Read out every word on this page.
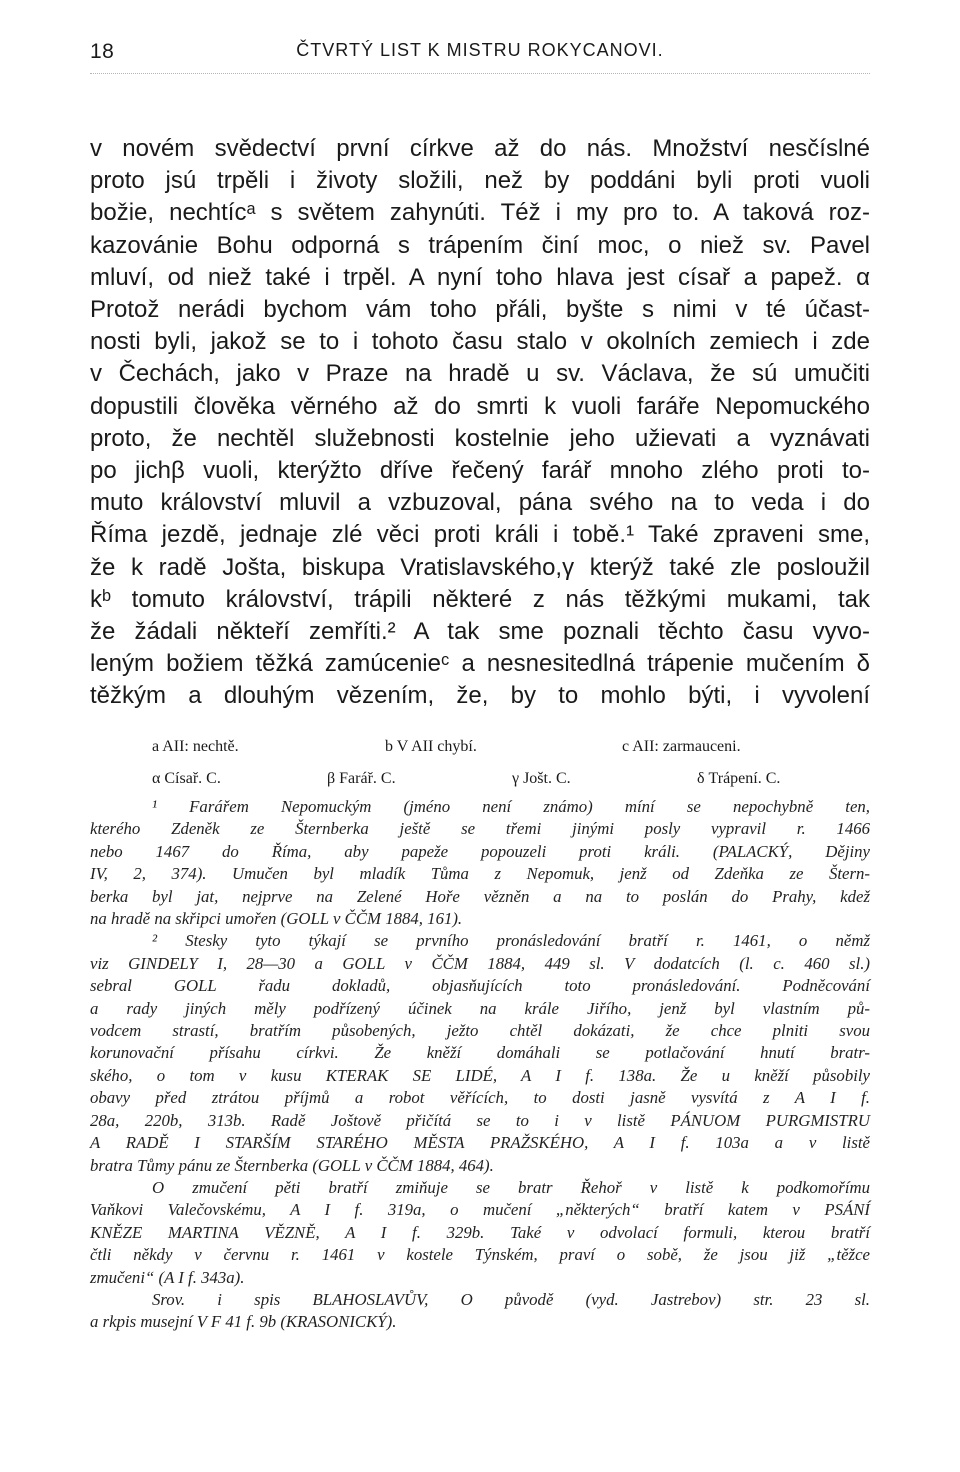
18	ČTVRTÝ LIST K MISTRU ROKYCANOVI.
v novém svědectví první církve až do nás. Množství nesčíslné
proto jsú trpěli i životy složili, než by poddáni byli proti vuoli
božie, nechtícᵃ s světem zahynúti. Též i my pro to. A taková roz-
kazovánie Bohu odporná s trápením činí moc, o niež sv. Pavel
mluví, od niež také i trpěl. A nyní toho hlava jest císař a papež. α
Protož nerádi bychom vám toho přáli, byšte s nimi v té účast-
nosti byli, jakož se to i tohoto času stalo v okolních zemiech i zde
v Čechách, jako v Praze na hradě u sv. Václava, že sú umučiti
dopustili člověka věrného až do smrti k vuoli faráře Nepomuckého
proto, že nechtěl služebnosti kostelnie jeho užievati a vyznávati
po jichβ vuoli, kterýžto dříve řečený farář mnoho zlého proti to-
muto království mluvil a vzbuzoval, pána svého na to veda i do
Říma jezdě, jednaje zlé věci proti králi i tobě.¹ Také zpraveni sme,
že k radě Jošta, biskupa Vratislavského,γ kterýž také zle posloužil
kᵇ tomuto království, trápili některé z nás těžkými mukami, tak
že žádali někteří zemříti.² A tak sme poznali těchto času vyvo-
leným božiem těžká zamúcenieᶜ a nesnesitedlná trápenie mučením δ
těžkým a dlouhým vězením, že, by to mohlo býti, i vyvolení
a AII: nechtě.	b V AII chybí.	c AII: zarmauceni.
α Císař. C.	β Farář. C.	γ Jošt. C.	δ Trápení. C.
¹ Farářem Nepomuckým (jméno není známo) míní se nepochybně ten,
kterého Zdeněk ze Šternberka ještě se třemi jinými posly vypravil r. 1466
nebo 1467 do Říma, aby papeže popouzeli proti králi. (PALACKÝ, Dějiny
IV, 2, 374). Umučen byl mladík Tůma z Nepomuk, jenž od Zdeňka ze Štern-
berka byl jat, nejprve na Zelené Hoře vězněn a na to poslán do Prahy, kdež
na hradě na skřipci umořen (GOLL v ČČM 1884, 161).
² Stesky tyto týkají se prvního pronásledování bratří r. 1461, o němž
viz GINDELY I, 28—30 a GOLL v ČČM 1884, 449 sl. V dodatcích (l. c. 460 sl.)
sebral GOLL řadu dokladů, objasňujících toto pronásledování. Podněcování
a rady jiných měly podřízený účinek na krále Jiřího, jenž byl vlastním pů-
vodcem strastí, bratřím působených, ježto chtěl dokázati, že chce plniti svou
korunovační přísahu církvi. Že kněží domáhali se potlačování hnutí bratr-
ského, o tom v kusu KTERAK SE LIDÉ, A I f. 138a. Že u kněží působily
obavy před ztrátou příjmů a robot věřících, to dosti jasně vysvítá z A I f.
28a, 220b, 313b. Radě Joštově přičítá se to i v listě PÁNUOM PURGMISTRU
A RADĚ I STARŠÍM STARÉHO MĚSTA PRAŽSKÉHO, A I f. 103a a v listě
bratra Tůmy pánu ze Šternberka (GOLL v ČČM 1884, 464).
O zmučení pěti bratří zmiňuje se bratr Řehoř v listě k podkomořímu
Vaňkovi Valečovskému, A I f. 319a, o mučení „některých“ bratří katem v PSÁNÍ
KNĚZE MARTINA VĚZNĚ, A I f. 329b. Také v odvolací formuli, kterou bratří
čtli někdy v červnu r. 1461 v kostele Týnském, praví o sobě, že jsou již „těžce
zmučeni“ (A I f. 343a).
Srov. i spis BLAHOSLAVŮV, O původě (vyd. Jastrebov) str. 23 sl.
a rkpis musejní V F 41 f. 9b (KRASONICKÝ).
